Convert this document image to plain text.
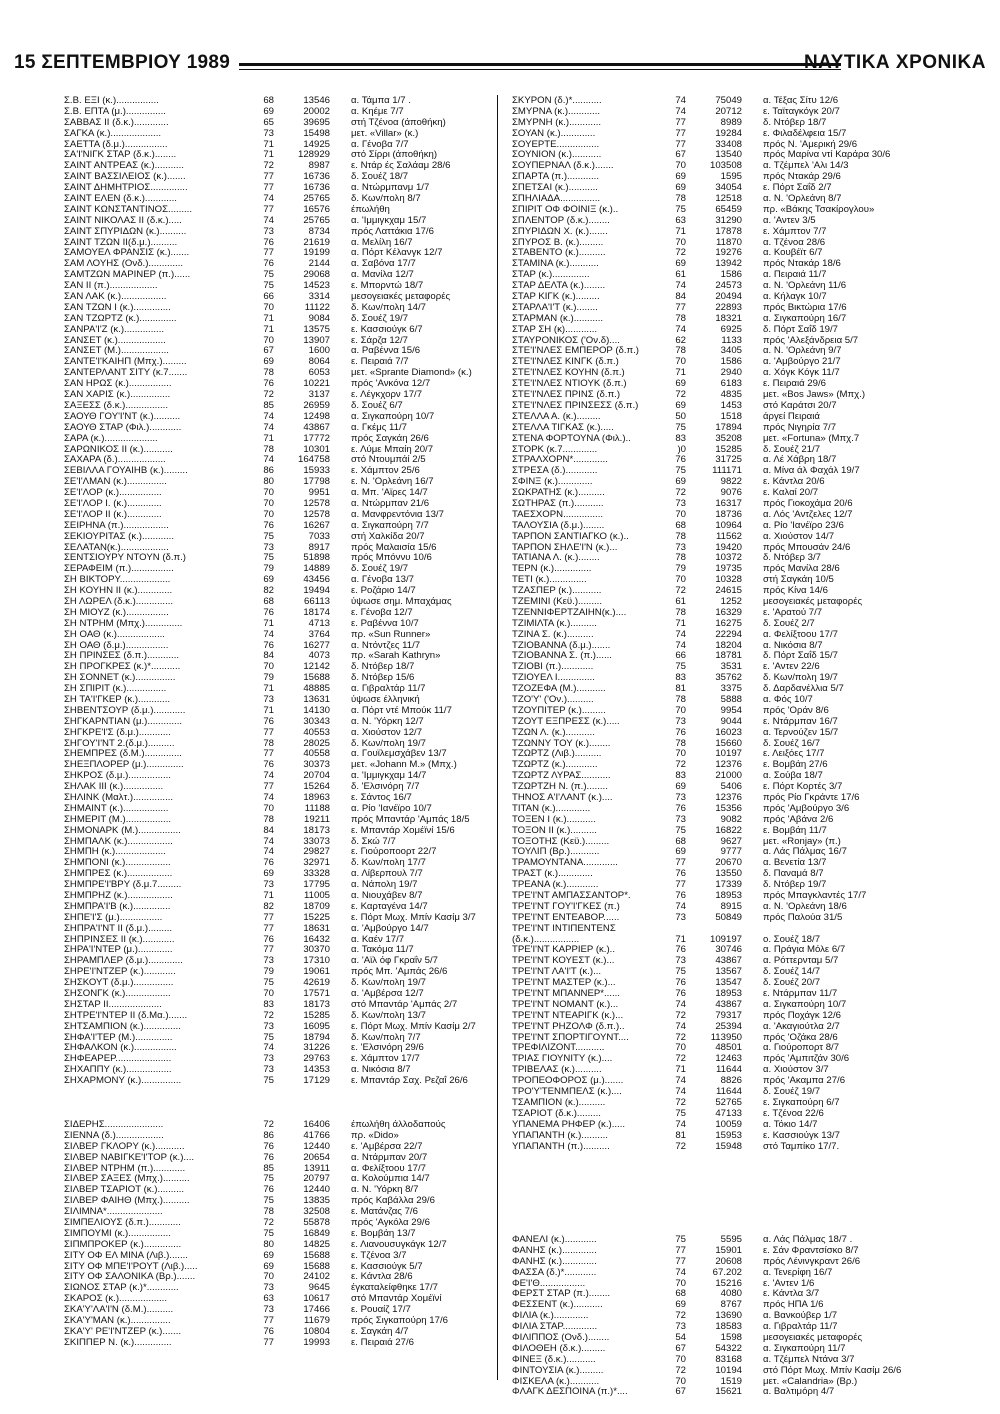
15 ΣΕΠΤΕΜΒΡΙΟΥ 1989	ΝΑΥΤΙΚΑ ΧΡΟΝΙΚΑ
Σ.Β. ΕΞΙ (κ.)................	68	13546 α. Τάμπα 1/7 .
Σ.Β. ΕΠΤΑ (μ.)...............	69	20002 α. Κηέμε 7/7
ΣΑΒΒΑΣ ΙΙ (δ.κ.).............	65	39695 στή Τζένοα (άποθήκη)
ΣΑΓΚΑ (κ.)...................	73	15498 μετ. «Villar» (κ.)
ΣΑΕΤΤΑ (δ.μ.)................	71	14925 α. Γένοβα 7/7
ΣΑ'Ι'ΝΙΓΚ ΣΤΑΡ (δ.κ.)........	71	128929 στό Σίρρι (άποθήκη)
ΣΑΙΝΤ ΑΝΤΡΕΑΣ (κ.)...........	72	8987 ε. Ντάρ ές Σαλάαμ 28/6
ΣΑΙΝΤ ΒΑΣΣΙΛΕΙΟΣ (κ.).......	77	16736 δ. Σουέζ 18/7
ΣΑΙΝΤ ΔΗΜΗΤΡΙΟΣ..............	77	16736 α. Ντώρμπανμ 1/7
ΣΑΙΝΤ ΕΛΕΝ (δ.κ.)............	74	25765 δ. Κων/πολη 8/7
ΣΑΙΝΤ ΚΩΝΣΤΑΝΤΙΝΟΣ.........	77	16576 έπωλήθη
ΣΑΙΝΤ ΝΙΚΟΛΑΣ ΙΙ (δ.κ.).....	74	25765 α. 'Ιμμιγκχαμ 15/7
ΣΑΙΝΤ ΣΠΥΡΙΔΩΝ (κ.)..........	73	8734 πρός Λαττάκια 17/6
ΣΑΙΝΤ ΤΖΩΝ ΙΙ(δ.μ.)..........	76	21619 α. Μελίλη 16/7
ΣΑΜΟΥΕΛ ΦΡΑΝΣΙΣ (κ.).......	77	19199 α. Πόρτ Κέλανγκ 12/7
ΣΑΜ ΛΟΥΗΣ (Ονδ.).............	76	2144 α. Σαβόνα 17/7
ΣΑΜΤΖΩΝ ΜΑΡΙΝΕΡ (π.)......	75	29068 α. Μανίλα 12/7
ΣΑΝ ΙΙ (π.)..................	75	14523 ε. Μπορντώ 18/7
ΣΑΝ ΛΑΚ (κ.).................	66	3314 μεσογειακές μεταφορές
ΣΑΝ ΤΖΩΝ Ι (κ.)..............	70	11122 δ. Κων/πολη 14/7
ΣΑΝ ΤΖΩΡΤΖ (κ.)..............	71	9084 δ. Σουέζ 19/7
ΣΑΝΡΑ'Ι'Ζ (κ.)...............	71	13575 ε. Κασσιούγκ 6/7
ΣΑΝΣΕΤ (κ.)..................	70	13907 ε. Σάρζα 12/7
ΣΑΝΣΕΤ (Μ.)..................	67	1600 α. Ραβέννα 15/6
ΣΑΝΤΕ'Ι'ΚΑΙΗΠ (Μπχ.).........	69	8064 ε. Πειραιά 7/7
ΣΑΝΤΕΡΛΑΝΤ ΣΙΤΥ (κ.7.......	78	6053 μετ. «Sprante Diamond» (κ.)
ΣΑΝ ΗΡΩΣ (κ.)................	76	10221 πρός 'Ανκόνα 12/7
ΣΑΝ ΧΑΡΙΣ (κ.)...............	72	3137 ε. Λέγκχορν 17/7
ΣΑΞΕΣΣ (δ.κ.)................	85	26959 δ. Σουέζ 6/7
ΣΑΟΥΘ ΓΟΥ'Ι'ΝΤ (κ.)..........	74	12498 α. Σιγκαπούρη 10/7
ΣΑΟΥΘ ΣΤΑΡ (Φιλ.)............	74	43867 α. Γκέμς 11/7
ΣΑΡΑ (κ.)....................	71	17772 πρός Σαγκάη 26/6
ΣΑΡΩΝΙΚΟΣ ΙΙ (κ.)...........	78	10301 ε. Λύμε Μπαίη 20/7
ΣΑΧΑΡΑ (δ.)..................	74	164758 στό Ντουμπάί 2/5
ΣΕΒΙΛΛΑ ΓΟΥΑΙΗΒ (κ.).........	86	15933 ε. Χάμπτον 25/6
ΣΕ'Ι'ΛΜΑΝ (κ.)...............	80	17798 ε. Ν. 'Ορλεάνη 16/7
ΣΕ'Ι'ΛΟΡ (κ.)................	70	9951 α. Μπ. 'Αϊρες 14/7
ΣΕ'Ι'ΛΟΡ Ι. (κ.).............	70	12578 α. Ντώρμπαν 21/6
ΣΕ'Ι'ΛΟΡ ΙΙ (κ.).............	70	12578 α. Μανφρεντόνια 13/7
ΣΕΙΡΗΝΑ (π.).................	76	16267 α. Σιγκαπούρη 7/7
ΣΕΚΙΟΥΡΙΤΑΣ (κ.)............	75	7033 στή Χαλκίδα 20/7
ΣΕΛΑΤΑΝ(κ.)..................	73	8917 πρός Μαλαισία 15/6
ΣΕΝΤΣΙΟΥΡΥ ΝΤΟΥΝ (δ.π.)	75	51898 πρός Μπόννυ 10/6
ΣΕΡΑΦΕΙΜ (π.)................	79	14889 δ. Σουέζ 19/7
ΣΗ ΒΙΚΤΟΡΥ...................	69	43456 α. Γένοβα 13/7
ΣΗ ΚΟΥΗΝ ΙΙ (κ.).............	82	19494 ε. Ροζάριο 14/7
ΣΗ ΛΩΡΕΛ (δ.κ.)..............	68	66113 ύψωσε σημ. Μπαχάμας
ΣΗ ΜΙΟΥΖ (κ.)................	76	18174 ε. Γένοβα 12/7
ΣΗ ΝΤΡΗΜ (Μπχ.)..............	71	4713 ε. Ραβέννα 10/7
ΣΗ ΟΑΘ (κ.)..................	74	3764 πρ. «Sun Runner»
ΣΗ ΟΑΘ (δ.μ.)................	76	16277 α. Ντόντζες 11/7
ΣΗ ΠΡΙΝΣΕΣ (δ.π.)............	84	4073 πρ. «Sarah Kathryn»
ΣΗ ΠΡΟΓΚΡΕΣ (κ.)*...........	70	12142 δ. Ντόβερ 18/7
ΣΗ ΣΟΝΝΕΤ (κ.)...............	79	15688 δ. Ντόβερ 15/6
ΣΗ ΣΠΙΡΙΤ (κ.)...............	71	48885 α. Γιβραλτάρ 11/7
ΣΗ ΤΑ'Ι'ΓΚΕΡ (κ.)............	73	13631 ύψωσε έλληνική
ΣΗΒΕΝΤΣΟΥΡ (δ.μ.)............	71	14130 α. Πόρτ ντέ Μπούκ 11/7
ΣΗΓΚΑΡΝΤΙΑΝ (μ.).............	76	30343 α. Ν. 'Υόρκη 12/7
ΣΗΓΚΡΕ'Ι'Σ (δ.μ.)............	77	40553 α. Χιούστον 12/7
ΣΗΓΟΥ'Ι'ΝΤ 2.(δ.μ.)..........	78	28025 δ. Κων/πολη 19/7
ΣΗΕΜΠΡΕΣ (δ.Μ.)..............	77	40558 α. Γουϊλεμσχάβεν 13/7
ΣΗΕΞΠΛΟΡΕΡ (μ.)..............	76	30373 μετ. «Johann M.» (Μπχ.)
ΣΗΚΡΟΣ (δ.μ.)................	74	20704 α. 'Ιμμιγκχαμ 14/7
ΣΗΛΑΚ ΙΙΙ (κ.)...............	77	15264 δ. 'Ελσινόρη 7/7
ΣΗΛΙΝΚ (Μαλτ.)...............	74	18963 ε. Σάντος 16/7
ΣΗΜΑΙΝΤ (κ.).................	70	11188 α. Ρίο 'Ιανέϊρο 10/7
ΣΗΜΕΡΙΤ (Μ.).................	78	19211 πρός Μπαντάρ 'Αμπάς 18/5
ΣΗΜΟΝΑΡΚ (Μ.)................	84	18173 ε. Μπαντάρ Χομέϊνί 15/6
ΣΗΜΠΑΛΚ (κ.).................	74	33073 δ. Σκώ 7/7
ΣΗΜΠΗ (κ.)...................	74	29827 ε. Γιούροποορτ 22/7
ΣΗΜΠΟΝΙ (κ.).................	76	32971 δ. Κων/πολη 17/7
ΣΗΜΠΡΕΣ (κ.).................	69	33328 α. Λίβερπουλ 7/7
ΣΗΜΠΡΕ'Ι'ΒΡΥ (δ.μ.7.........	73	17795 α. Νάπολη 19/7
ΣΗΜΠΡΗΖ (κ.).................	71	11005 α. Νιουχάβεν 8/7
ΣΗΜΠΡΑ'Ι'Β (κ.)..............	82	18709 ε. Καρταγένα 14/7
ΣΗΠΕ'Ι'Σ (μ.)................	77	15225 ε. Πόρτ Μωχ. Μπίν Κασίμ 3/7
ΣΗΠΡΑ'Ι'ΝΤ ΙΙ (δ.μ.).........	77	18631 α. 'Αμβούργο 14/7
ΣΗΠΡΙΝΣΕΣ ΙΙ (κ.)............	76	16432 α. Καέν 17/7
ΣΗΡΑ'Ι'ΝΤΕΡ (μ.).............	77	30370 α. Τακόμα 11/7
ΣΗΡΑΜΠΛΕΡ (δ.μ.).............	73	17310 α. 'Αϊλ όφ Γκραΐν 5/7
ΣΗΡΕ'Ι'ΝΤΖΕΡ (κ.)............	79	19061 πρός Μπ. 'Αμπάς 26/6
ΣΗΣΚΟΥΤ (δ.μ.)...............	75	42619 δ. Κων/πολη 19/7
ΣΗΣΟΝΓΚ (κ.).................	70	17571 α. 'Αμβέρσα 12/7
ΣΗΣΤΑΡ ΙΙ....................	83	18173 στό Μπαντάρ 'Αμπάς 2/7
ΣΗΤΡΕ'Ι'ΝΤΕΡ ΙΙ (δ.Μα.).......	72	15285 δ. Κων/πολη 13/7
ΣΗΤΣΑΜΠΙΟΝ (κ.)..............	73	16095 ε. Πόρτ Μωχ. Μπίν Κασίμ 2/7
ΣΗΦΑ'Ι'ΤΕΡ (Μ.)..............	75	18794 δ. Κων/πολη 7/7
ΣΗΦΑΛΚΟΝ (κ.)................	74	31226 ε. 'Ελσινόρη 29/6
ΣΗΦΕΑΡΕΡ.....................	73	29763 ε. Χάμπτον 17/7
ΣΗΧΑΠΠΥ (κ.).................	73	14353 α. Νικόσια 8/7
ΣΗΧΑΡΜΟΝΥ (κ.)...............	75	17129 ε. Μπαντάρ Σαχ. Ρεζαΐ 26/6
ΣΙΔΕΡΗΣ......................	72	16406 έπωλήθη άλλοδαπούς
ΣΙΕΝΝΑ (δ.)..................	86	41766 πρ. «Dido»
ΣΙΛΒΕΡ ΓΚΛΟΡΥ (κ.)...........	76	12440 ε. 'Αμβέρσα 22/7
ΣΙΛΒΕΡ ΝΑΒΙΓΚΕ'Ι'ΤΟΡ (κ.)....	76	20654 α. Ντάρμπαν 20/7
ΣΙΛΒΕΡ ΝΤΡΗΜ (π.)............	85	13911 α. Φελίξτοου 17/7
ΣΙΛΒΕΡ ΣΑΞΕΣ (Μπχ.)..........	75	20797 α. Κολούμπια 14/7
ΣΙΛΒΕΡ ΤΣΑΡΙΟΤ (κ.)..........	76	12440 α. Ν. 'Υόρκη 8/7
ΣΙΛΒΕΡ ΦΑΙΗΘ (Μπχ.)..........	75	13835 πρός Καβάλλα 29/6
ΣΙΛΙΜΝΑ*.....................	78	32508 ε. Ματάνζας 7/6
ΣΙΜΠΕΛΙΟΥΣ (δ.π.)............	72	55878 πρός 'Αγκόλα 29/6
ΣΙΜΠΟΥΜΙ (κ.)................	75	16849 ε. Βομβάη 13/7
ΣΙΠΜΠΡΟΚΕΡ (κ.)..............	80	14825 ε. Λιανουσυγκάγκ 12/7
ΣΙΤΥ ΟΦ ΕΛ ΜΙΝΑ (Λιβ.).......	69	15688 ε. Τζένοα 3/7
ΣΙΤΥ ΟΦ ΜΠΕ'Ι'ΡΟΥΤ (Λιβ.).....	69	15688 ε. Κασσιούγκ 5/7
ΣΙΤΥ ΟΦ ΣΑΛΟΝΙΚΑ (Βρ.).......	70	24102 ε. Κάντλα 28/6
ΣΙΩΝΟΣ ΣΤΑΡ (κ.)*............	73	9645 έγκαταλείφθηκε 17/7
ΣΚΑΡΟΣ (κ.)..................	63	10617 στό Μπαντάρ Χομέϊνί
ΣΚΑ'Υ'ΛΑ'Ι'Ν (δ.Μ.)..........	73	17466 ε. Ρουαίζ 17/7
ΣΚΑ'Υ'ΜΑΝ (κ.)...............	77	11679 πρός Σιγκαπούρη 17/6
ΣΚΑ'Υ' ΡΕ'Ι'ΝΤΖΕΡ (κ.).......	76	10804 ε. Σαγκάη 4/7
ΣΚΙΠΠΕΡ Ν. (κ.)..............	77	19993 ε. Πειραιά 27/6
ΣΚΥΡΟΝ (δ.)*...........	74	75049 α. Τέξας Σίτυ 12/6
ΣΜΥΡΝΑ (κ.)............	74	20712 ε. Ταϊταγκόγκ 20/7
ΣΜΥΡΝΗ (κ.)............	77	8989 δ. Ντόβερ 18/7
ΣΟΥΑΝ (κ.).............	77	19284 ε. Φιλαδέλφεια 15/7
ΣΟΥΕΡΤΕ................	77	33408 πρός Ν. 'Αμερική 29/6
ΣΟΥΝΙΟΝ (κ.)...........	67	13540 πρός Μαρίνα ντί Καράρα 30/6
ΣΟΥΠΕΡΝΑΛ (δ.κ.).......	70	103508 α. Τζέμπελ 'Αλι 14/3
ΣΠΑΡΤΑ (π.)............	69	1595 πρός Ντακάρ 29/6
ΣΠΕΤΣΑΙ (κ.)...........	69	34054 ε. Πόρτ Σαΐδ 2/7
ΣΠΗΛΙΑΔΑ...............	78	12518 α. Ν. 'Ορλεάνη 8/7
ΣΠΙΡΙΤ ΟΦ ΦΟΙΝΙΞ (κ.)..	75	65459 πρ. «Βάκης Τσακίρογλου»
ΣΠΛΕΝΤΟΡ (δ.κ.)........	63	31290 α. 'Αντεν 3/5
ΣΠΥΡΙΔΩΝ Χ. (κ.).......	71	17878 ε. Χάμπτον 7/7
ΣΠΥΡΟΣ Β. (κ.).........	70	11870 α. Τζένοα 28/6
ΣΤΑΒΕΝΤΟ (κ.)..........	72	19276 α. Κουβέϊτ 6/7
ΣΤΑΜΙΝΑ (κ.)...........	69	13942 πρός Ντακάρ 18/6
ΣΤΑΡ (κ.)..............	61	1586 α. Πειραιά 11/7
ΣΤΑΡ ΔΕΛΤΑ (κ.)........	74	24573 α. Ν. 'Ορλεάνη 11/6
ΣΤΑΡ ΚΙΓΚ (κ.).........	84	20494 α. Κήλαγκ 10/7
ΣΤΑΡΛΑ'Ι'Τ (κ.)........	77	22893 πρός Βικτώρια 17/6
ΣΤΑΡΜΑΝ (κ.)...........	78	18321 α. Σιγκαπούρη 16/7
ΣΤΑΡ ΣΗ (κ)............	74	6925 δ. Πόρτ Σαΐδ 19/7
ΣΤΑΥΡΟΝΙΚΟΣ ('Ον.δ)....	62	1133 πρός 'Αλεξάνδρεια 5/7
ΣΤΕ'Ι'ΝΛΕΣ ΕΜΠΕΡΟΡ (δ.π.)	78	3405 α. Ν. 'Ορλεάνη 9/7
ΣΤΕ'Ι'ΝΛΕΣ ΚΙΝΓΚ (δ.π.)	70	1586 α. 'Αμβούργο 21/7
ΣΤΕ'Ι'ΝΛΕΣ ΚΟΥΗΝ (δ.π.)	71	2940 α. Χόγκ Κόγκ 11/7
ΣΤΕ'Ι'ΝΛΕΣ ΝΤΙΟΥΚ (δ.π.)	69	6183 ε. Πειραιά 29/6
ΣΤΕ'Ι'ΝΛΕΣ ΠΡΙΝΣ (δ.π.)	72	4835 μετ. «Bos Jaws» (Μπχ.)
ΣΤΕ'Ι'ΝΛΕΣ ΠΡΙΝΣΕΣΣ (δ.π.)	69	1453 στό Καράτσι 20/7
ΣΤΕΛΛΑ Α. (κ.).........	50	1518 άργεί Πειραιά
ΣΤΕΛΛΑ ΤΙΓΚΑΣ (κ.).....	75	17894 πρός Νιγηρία 7/7
ΣΤΕΝΑ ΦΟΡΤΟΥΝΑ (Φιλ.)..	83	35208 μετ. «Fortuna» (Μπχ.7
ΣΤΟΡΚ (κ.7.............	)0	15285 δ. Σουέζ 21/7
ΣΤΡΑΛΧΟΡΝ*.............	76	31725 α. Λέ Χάβρη 18/7
ΣΤΡΕΣΑ (δ.)............	75	111171 α. Μίνα άλ Φαχάλ 19/7
ΣΦΙΝΞ (κ.).............	69	9822 ε. Κάντλα 20/6
ΣΩΚΡΑΤΗΣ (κ.)..........	72	9076 ε. Καλαί 20/7
ΣΩΤΗΡΑΣ (π.)...........	73	16317 πρός Γιοκοχάμα 20/6
ΤΑΕΣΧΟΡΝ...............	70	18736 α. Λός 'Αντζελες 12/7
ΤΑΛΟΥΣΙΑ (δ.μ.)........	68	10964 α. Ρίο 'Ιανέϊρο 23/6
ΤΑΡΠΟΝ ΣΑΝΤΙΑΓΚΟ (κ.)..	78	11562 α. Χιούστον 14/7
ΤΑΡΠΟΝ ΣΗΛΕ'Ι'Ν (κ.)...	73	19420 πρός Μπουσάν 24/6
ΤΑΤΙΑΝΑ Λ. (κ.)........	78	10372 δ. Ντόβερ 3/7
ΤΕΡΝ (κ.)..............	79	19735 πρός Μανίλα 28/6
ΤΕΤΙ (κ.)..............	70	10328 στή Σαγκάη 10/5
ΤΖΑΣΠΕΡ (κ.)...........	72	24615 πρός Κίνα 14/6
ΤΖΕΜΙΝΙ (Κεϋ.).........	61	1252 μεσογειακές μεταφορές
ΤΖΕΝΝΙΦΕΡΤΖΑΙΗΝ(κ.)....	78	16329 ε. 'Αρατού 7/7
ΤΖΙΜΙΛΤΑ (κ.)..........	71	16275 δ. Σουέζ 2/7
ΤΖΙΝΑ Σ. (κ.)..........	74	22294 α. Φελίξτοου 17/7
ΤΖΙΟΒΑΝΝΑ (δ.μ.).......	74	18204 α. Νικόσια 8/7
ΤΖΙΟΒΑΝΝΑ Σ. (π.)......	66	18781 δ. Πόρτ Σαΐδ 15/7
ΤΖΙΟΒΙ (π.)............	75	3531 ε. 'Αντεν 22/6
ΤΖΙΟΥΕΛ Ι..............	83	35762 δ. Κων/πολη 19/7
ΤΖΟΖΕΦΑ (Μ.)...........	81	3375 δ. Δαρδανέλλια 5/7
ΤΖΟ'Υ' ('Ον.)..........	78	5888 α. Φός 10/7
ΤΖΟΥΠΙΤΕΡ (κ.).........	70	9954 πρός 'Οράν 8/6
ΤΖΟΥΤ ΕΞΠΡΕΣΣ (κ.).....	73	9044 ε. Ντάρμπαν 16/7
ΤΖΩΝ Λ. (κ.)...........	76	16023 α. Τερνούζεν 15/7
ΤΖΩΝΝΥ ΤΟΥ (κ.)........	78	15660 δ. Σουέζ 16/7
ΤΖΩΡΤΖ (Λιβ.)..........	70	10197 ε. Λειξόες 17/7
ΤΖΩΡΤΖ (κ.)............	72	12376 ε. Βομβάη 27/6
ΤΖΩΡΤΖ ΛΥΡΑΣ...........	83	21000 α. Σούβα 18/7
ΤΖΩΡΤΖΗ Ν. (π.)........	69	5406 ε. Πόρτ Κορτές 3/7
ΤΗΝΟΣ Α'Ι'ΛΑΝΤ (κ.)....	73	12376 πρός Ρίο Γκράντε 17/6
ΤΙΤΑΝ (κ.).............	76	15356 πρός 'Αμβούργο 3/6
ΤΟΞΕΝ Ι (κ.)...........	73	9082 πρός 'Αβάνα 2/6
ΤΟΞΟΝ ΙΙ (κ.)..........	75	16822 ε. Βομβάη 11/7
ΤΟΞΟΤΗΣ (Κεϋ.).........	68	9627 μετ. «Ronjay» (π.)
ΤΟΥΛΙΠ (Βρ.)...........	69	9777 α. Λάς Πάλμας 16/7
ΤΡΑΜΟΥΝΤΑΝΑ.............	77	20670 α. Βενετία 13/7
ΤΡΑΣΤ (κ.).............	76	13550 δ. Παναμά 8/7
ΤΡΕΑΝΑ (κ.)............	77	17339 δ. Ντόβερ 19/7
ΤΡΕ'Ι'ΝΤ ΑΜΠΑΣΣΑΝΤΟΡ*.	76	18953 πρός Μπαγκλαντές 17/7
ΤΡΕ'Ι'ΝΤ ΓΟΥ'Ι'ΓΚΕΣ (π.)	74	8915 α. Ν. 'Ορλεάνη 18/6
ΤΡΕ'Ι'ΝΤ ΕΝΤΕΑΒΟΡ......	73	50849 πρός Παλούα 31/5
ΤΡΕ'Ι'ΝΤ ΙΝΤΙΠΕΝΤΕΝΣ
(δ.κ.).................	71	109197 ο. Σουέζ 18/7
ΤΡΕ'Ι'ΝΤ ΚΑΡΡΙΕΡ (κ.)..	76	30746 α. Πράγια Μόλε 6/7
ΤΡΕ'Ι'ΝΤ ΚΟΥΕΣΤ (κ.)...	73	43867 α. Ρόττερνταμ 5/7
ΤΡΕ'Ι'ΝΤ ΛΑ'Ι'Τ (κ.)...	75	13567 δ. Σουέζ 14/7
ΤΡΕ'Ι'ΝΤ ΜΑΣΤΕΡ (κ.)...	76	13547 δ. Σουέζ 20/7
ΤΡΕ'Ι'ΝΤ ΜΠΑΝΝΕΡ*......	76	18953 ε. Ντάρμπαν 11/7
ΤΡΕ'Ι'ΝΤ ΝΟΜΑΝΤ (κ.)...	74	43867 α. Σιγκαπούρη 10/7
ΤΡΕ'Ι'ΝΤ ΝΤΕΑΡΙΓΚ (κ.)...	72	79317 πρός Ποχάγκ 12/6
ΤΡΕ'Ι'ΝΤ ΡΗΖΟΛΦ (δ.π.)..	74	25394 α. 'Ακαγιούτλα 2/7
ΤΡΕ'Ι'ΝΤ ΣΠΟΡΤΙΓΟΥΝΤ....	72	113950 πρός 'Οζάκα 28/6
ΤΡΕΦΙΛΙΖΟΝΤ...........	70	48501 α. Γιούροπορτ 8/7
ΤΡΙΑΣ ΓΙΟΥΝΙΤΥ (κ.)....	72	12463 πρός 'Αμπιτζάν 30/6
ΤΡΙΒΕΛΑΣ (κ.)..........	71	11644 α. Χιούστον 3/7
ΤΡΟΠΕΟΦΟΡΟΣ (μ.).......	74	8826 πρός 'Ακαμπα 27/6
ΤΡΟ'Υ'ΤΕΝΜΠΕΛΣ (κ.)....	74	11644 δ. Σουέζ 19/7
ΤΣΑΜΠΙΟΝ (κ.)..........	72	52765 ε. Σιγκαπούρη 6/7
ΤΣΑΡΙΟΤ (δ.κ.).........	75	47133 ε. Τζένοα 22/6
ΥΠΑΝΕΜΑ ΡΗΦΕΡ (κ.).....	74	10059 α. Τόκιο 14/7
ΥΠΑΠΑΝΤΗ (κ.)..........	81	15953 ε. Κασσιούγκ 13/7
ΥΠΑΠΑΝΤΗ (π.)..........	72	15948 στό Ταμπίκο 17/7.
ΦΑΝΕΛΙ (κ.)............	75	5595 α. Λάς Πάλμας 18/7 .
ΦΑΝΗΣ (κ.).............	77	15901 ε. Σάν Φραντσίσκο 8/7
ΦΑΝΗΣ (κ.).............	77	20608 πρός Λένινγκραντ 26/6
ΦΑΣΣΑ (δ.)*............	74	67.202 α. Τενερίφη 16/7
ΦΕ'Ι'Θ.................	70	15216 ε. 'Αντεν 1/6
ΦΕΡΣΤ ΣΤΑΡ (π.)........	68	4080 ε. Κάντλα 3/7
ΦΕΣΣΕΝΤ (κ.)...........	69	8767 πρός ΗΠΑ 1/6
ΦΙΛΙΑ (κ.).............	72	13690 α. Βανκούβερ 1/7
ΦΙΛΙΑ ΣΤΑΡ.............	73	18583 α. Γιβραλτάρ 11/7
ΦΙΛΙΠΠΟΣ (Ονδ.)........	54	1598 μεσογειακές μεταφορές
ΦΙΛΟΘΕΗ (δ.κ.).........	67	54322 α. Σιγκαπούρη 11/7
ΦΙΝΕΞ (δ.κ.)...........	70	83168 α. Τζέμπελ Ντάνα 3/7
ΦΙΝΤΟΥΣΙΑ (κ.).........	72	10194 στό Πόρτ Μωχ. Μπίν Κασίμ 26/6
ΦΙΣΚΕΛΑ (κ.)...........	70	1519 μετ. «Calandria» (Βρ.)
ΦΛΑΓΚ ΔΕΣΠΟΙΝΑ (π.)*....	67	15621 α. Βαλτιμόρη 4/7
